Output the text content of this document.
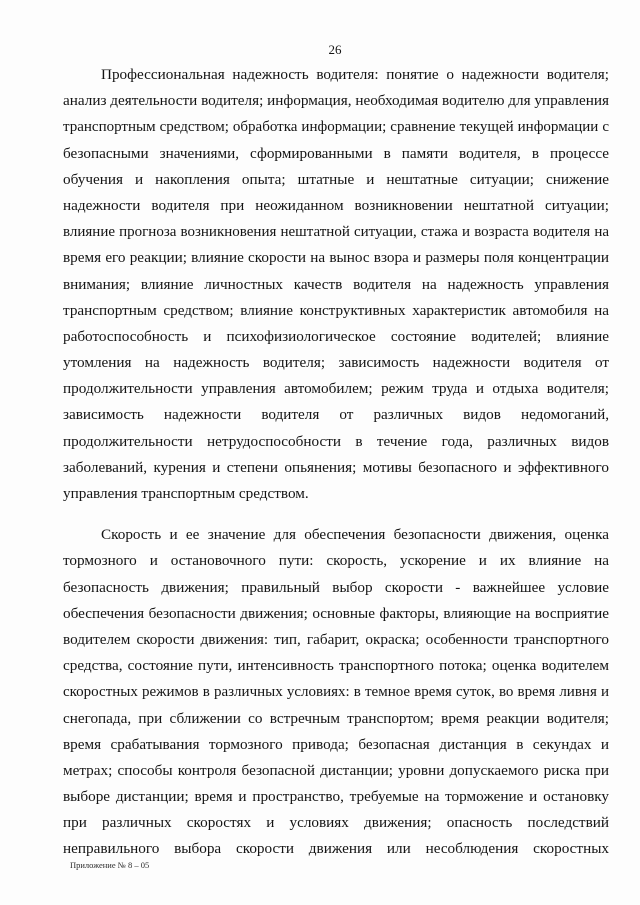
26
Профессиональная надежность водителя: понятие о надежности водителя;
анализ деятельности водителя; информация, необходимая водителю для управления
транспортным средством; обработка информации; сравнение текущей информации с
безопасными значениями, сформированными в памяти водителя, в процессе
обучения и накопления опыта; штатные и нештатные ситуации; снижение
надежности водителя при неожиданном возникновении нештатной ситуации;
влияние прогноза возникновения нештатной ситуации, стажа и возраста водителя на
время его реакции; влияние скорости на вынос взора и размеры поля концентрации
внимания; влияние личностных качеств водителя на надежность управления
транспортным средством; влияние конструктивных характеристик автомобиля на
работоспособность и психофизиологическое состояние водителей; влияние
утомления на надежность водителя; зависимость надежности водителя от
продолжительности управления автомобилем; режим труда и отдыха водителя;
зависимость надежности водителя от различных видов недомоганий,
продолжительности нетрудоспособности в течение года, различных видов
заболеваний, курения и степени опьянения; мотивы безопасного и эффективного
управления транспортным средством.
Скорость и ее значение для обеспечения безопасности движения, оценка
тормозного и остановочного пути: скорость, ускорение и их влияние на
безопасность движения; правильный выбор скорости - важнейшее условие
обеспечения безопасности движения; основные факторы, влияющие на восприятие
водителем скорости движения: тип, габарит, окраска; особенности транспортного
средства, состояние пути, интенсивность транспортного потока; оценка водителем
скоростных режимов в различных условиях: в темное время суток, во время ливня и
снегопада, при сближении со встречным транспортом; время реакции водителя;
время срабатывания тормозного привода; безопасная дистанция в секундах и
метрах; способы контроля безопасной дистанции; уровни допускаемого риска при
выборе дистанции; время и пространство, требуемые на торможение и остановку
при различных скоростях и условиях движения; опасность последствий
неправильного выбора скорости движения или несоблюдения скоростных
Приложение № 8 – 05
